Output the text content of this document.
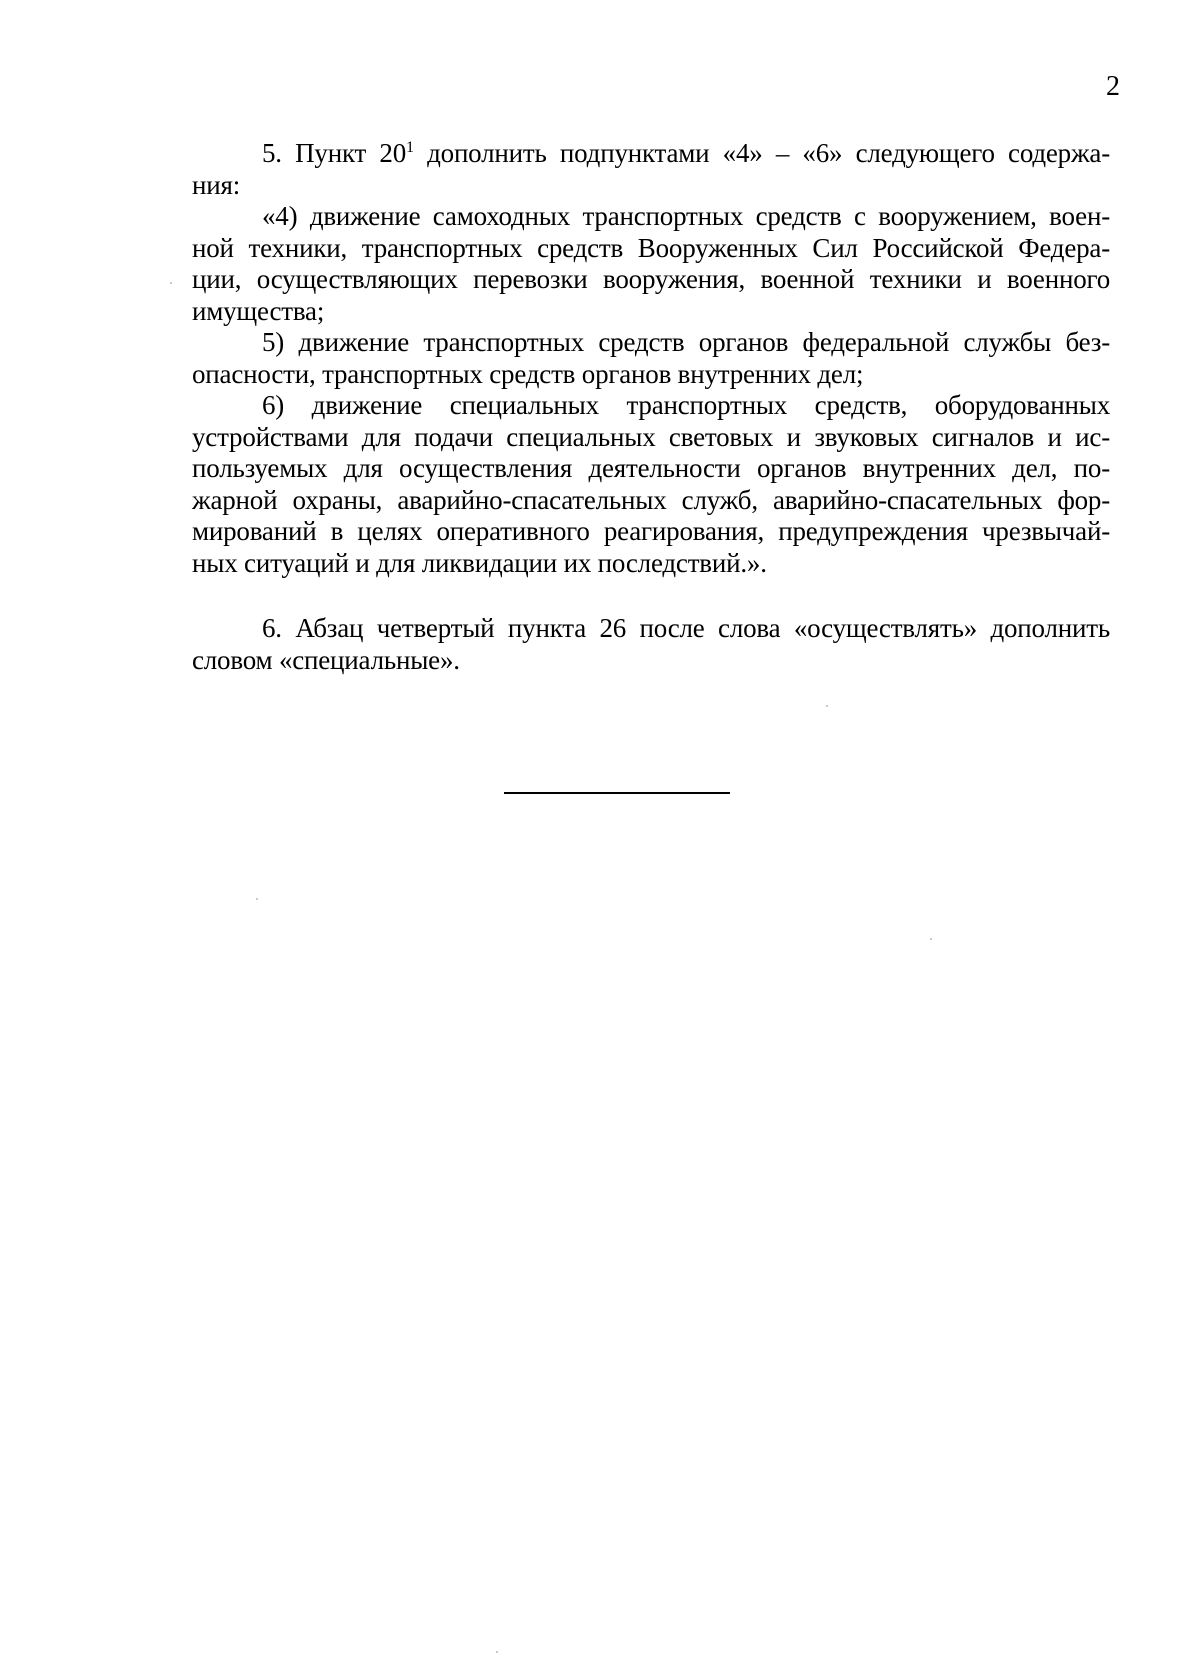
2

5. Пункт $20^1$ дополнить подпунктами «4» – «6» следующего содержа-

ния:

«4) движение самоходных транспортных средств с вооружением, воен-

ной техники, транспортных средств Вооруженных Сил Российской Федера-
ции, осуществляющих перевозки вооружения, военной техники и военного
имущества;

5) движение транспортных средств органов федеральной службы без-

опасности, транспортных средств органов внутренних дел;

6) движение специальных транспортных средств, оборудованных

устройствами для подачи специальных световых и звуковых сигналов и ис-
пользуемых для осуществления деятельности органов внутренних дел, по-
жарной охраны, аварийно-спасательных служб, аварийно-спасательных фор-
мирований в целях оперативного реагирования, предупреждения чрезвычай-
ных ситуаций и для ликвидации их последствий.».

6. Абзац четвертый пункта 26 после слова «осуществлять» дополнить

словом «специальные».
